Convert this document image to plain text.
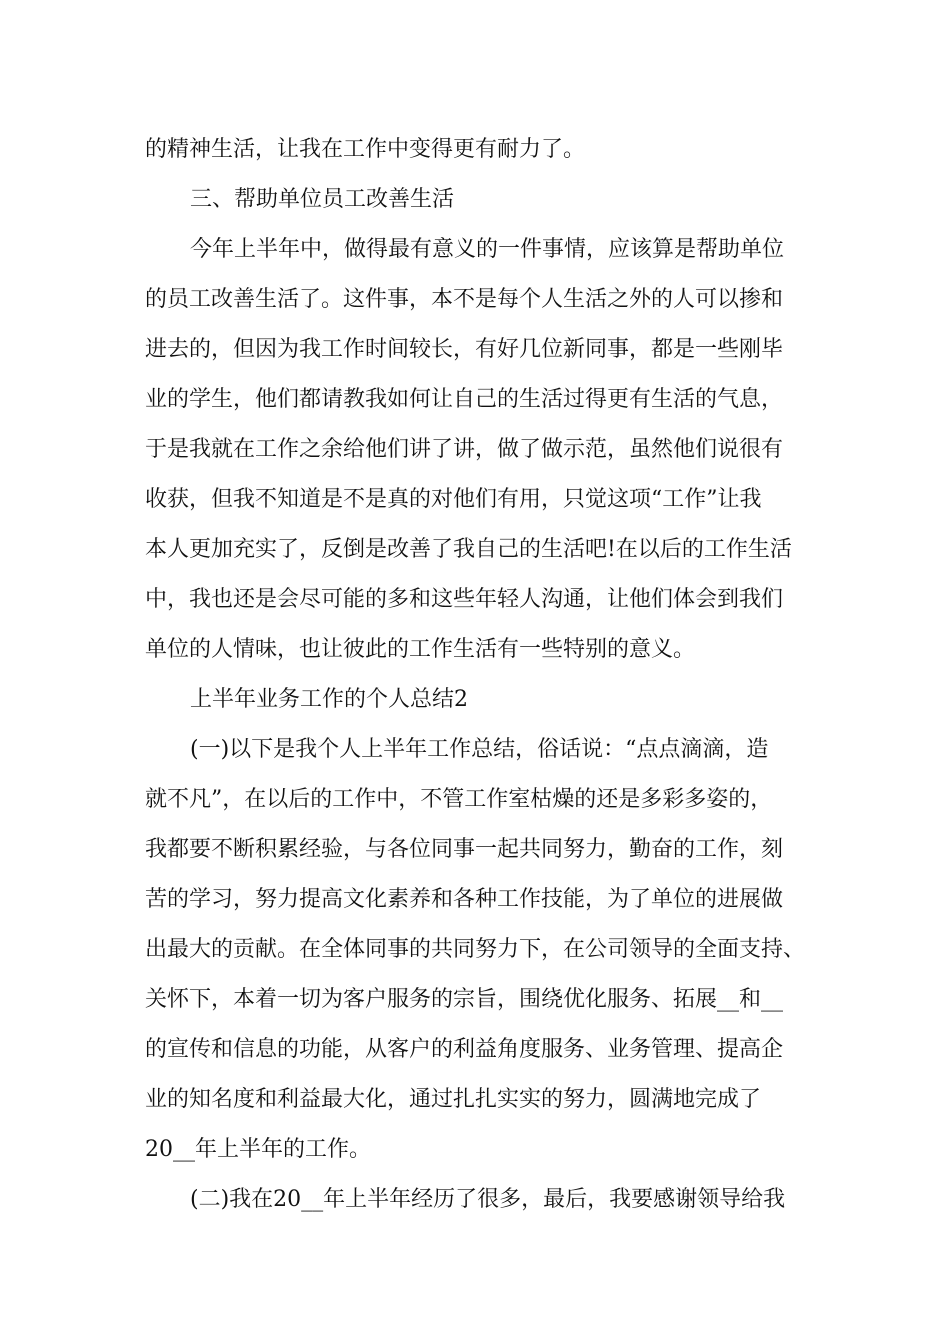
的精神生活，让我在工作中变得更有耐力了。
三、帮助单位员工改善生活
今年上半年中，做得最有意义的一件事情，应该算是帮助单位
的员工改善生活了。这件事，本不是每个人生活之外的人可以掺和
进去的，但因为我工作时间较长，有好几位新同事，都是一些刚毕
业的学生，他们都请教我如何让自己的生活过得更有生活的气息，
于是我就在工作之余给他们讲了讲，做了做示范，虽然他们说很有
收获，但我不知道是不是真的对他们有用，只觉这项“工作”让我
本人更加充实了，反倒是改善了我自己的生活吧!在以后的工作生活
中，我也还是会尽可能的多和这些年轻人沟通，让他们体会到我们
单位的人情味，也让彼此的工作生活有一些特别的意义。
上半年业务工作的个人总结2
(一)以下是我个人上半年工作总结，俗话说：“点点滴滴，造
就不凡”，在以后的工作中，不管工作室枯燥的还是多彩多姿的，
我都要不断积累经验，与各位同事一起共同努力，勤奋的工作，刻
苦的学习，努力提高文化素养和各种工作技能，为了单位的进展做
出最大的贡献。在全体同事的共同努力下，在公司领导的全面支持、
关怀下，本着一切为客户服务的宗旨，围绕优化服务、拓展__和__
的宣传和信息的功能，从客户的利益角度服务、业务管理、提高企
业的知名度和利益最大化，通过扎扎实实的努力，圆满地完成了
20__年上半年的工作。
(二)我在20__年上半年经历了很多，最后，我要感谢领导给我
